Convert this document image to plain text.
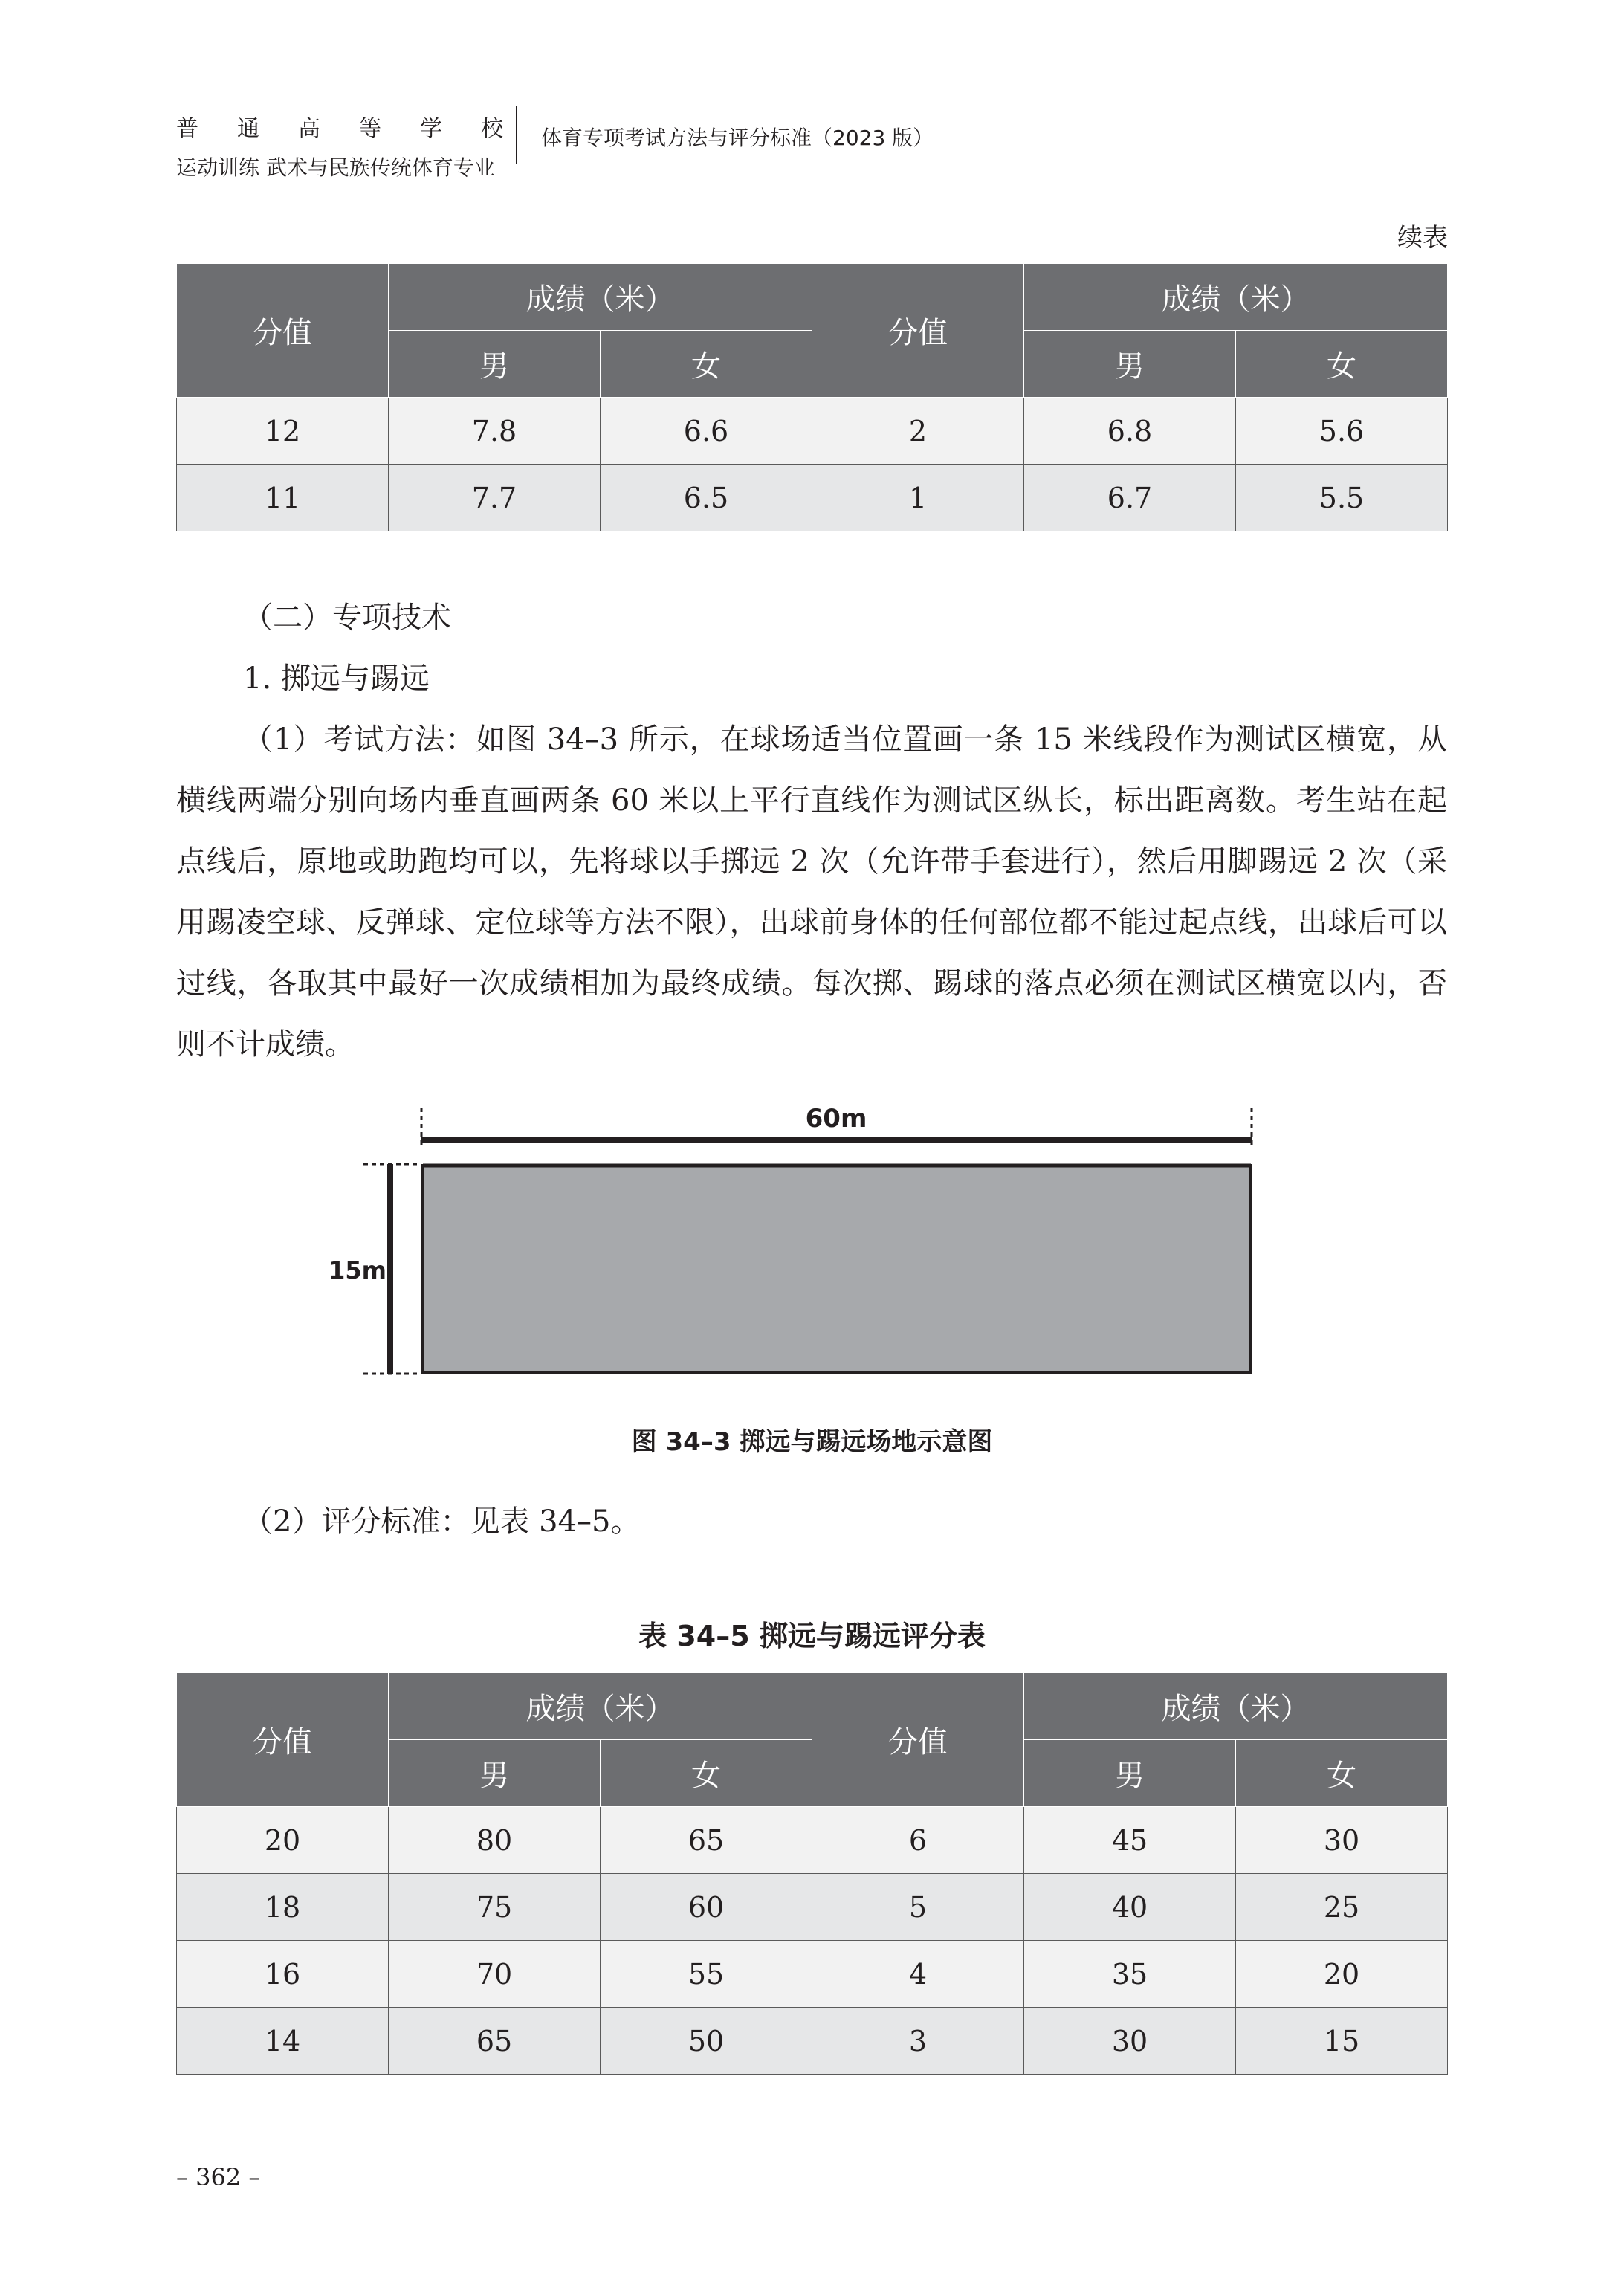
普 通 高 等 学 校
运动训练 武术与民族传统体育专业
体育专项考试方法与评分标准（2023 版）
续表
分值	成绩（米）		分值	成绩（米）	
	男	女		男	女
12	7.8	6.6	2	6.8	5.6
11	7.7	6.5	1	6.7	5.5
（二）专项技术
1. 掷远与踢远
（1）考试方法：如图 34–3 所示，在球场适当位置画一条 15 米线段作为测试区横宽，从横线两端分别向场内垂直画两条 60 米以上平行直线作为测试区纵长，标出距离数。考生站在起点线后，原地或助跑均可以，先将球以手掷远 2 次（允许带手套进行），然后用脚踢远 2 次（采用踢凌空球、反弹球、定位球等方法不限），出球前身体的任何部位都不能过起点线，出球后可以过线，各取其中最好一次成绩相加为最终成绩。每次掷、踢球的落点必须在测试区横宽以内，否则不计成绩。
60m
15m
图 34–3 掷远与踢远场地示意图
（2）评分标准：见表 34–5。
表 34–5 掷远与踢远评分表
分值	成绩（米）		分值	成绩（米）	
	男	女		男	女
20	80	65	6	45	30
18	75	60	5	40	25
16	70	55	4	35	20
14	65	50	3	30	15
– 362 –
